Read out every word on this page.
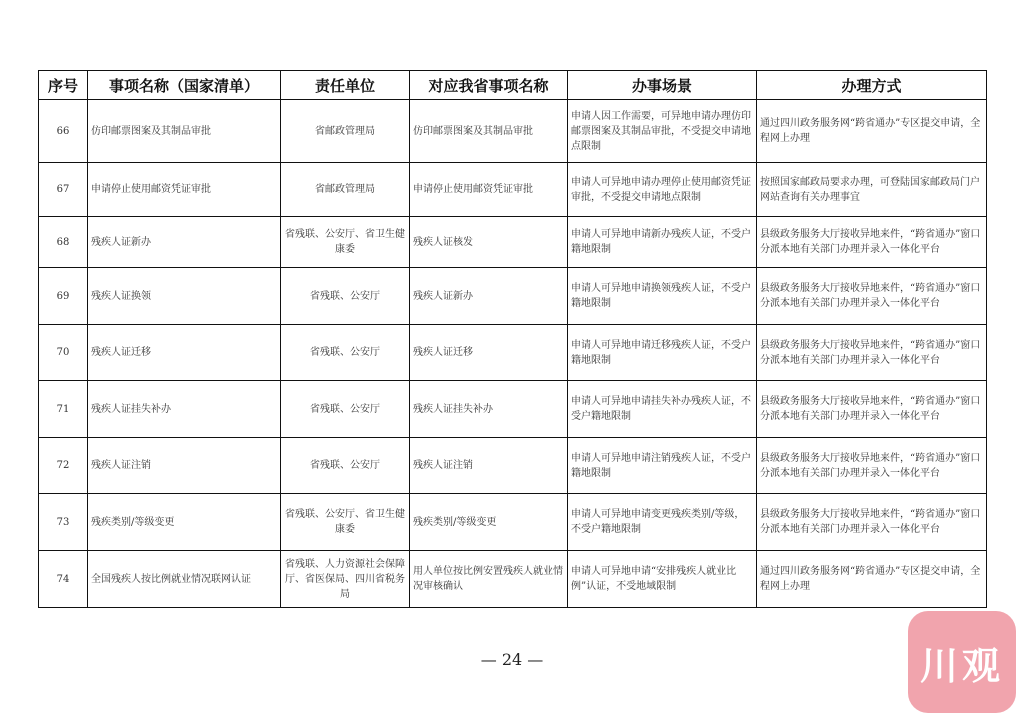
序号	事项名称（国家清单）	责任单位	对应我省事项名称	办事场景	办理方式
66	仿印邮票图案及其制品审批	省邮政管理局	仿印邮票图案及其制品审批	申请人因工作需要，可异地申请办理仿印邮票图案及其制品审批，不受提交申请地点限制	通过四川政务服务网“跨省通办”专区提交申请，全程网上办理
67	申请停止使用邮资凭证审批	省邮政管理局	申请停止使用邮资凭证审批	申请人可异地申请办理停止使用邮资凭证审批，不受提交申请地点限制	按照国家邮政局要求办理，可登陆国家邮政局门户网站查询有关办理事宜
68	残疾人证新办	省残联、公安厅、省卫生健康委	残疾人证核发	申请人可异地申请新办残疾人证，不受户籍地限制	县级政务服务大厅接收异地来件，“跨省通办”窗口分派本地有关部门办理并录入一体化平台
69	残疾人证换领	省残联、公安厅	残疾人证新办	申请人可异地申请换领残疾人证，不受户籍地限制	县级政务服务大厅接收异地来件，“跨省通办”窗口分派本地有关部门办理并录入一体化平台
70	残疾人证迁移	省残联、公安厅	残疾人证迁移	申请人可异地申请迁移残疾人证，不受户籍地限制	县级政务服务大厅接收异地来件，“跨省通办”窗口分派本地有关部门办理并录入一体化平台
71	残疾人证挂失补办	省残联、公安厅	残疾人证挂失补办	申请人可异地申请挂失补办残疾人证，不受户籍地限制	县级政务服务大厅接收异地来件，“跨省通办”窗口分派本地有关部门办理并录入一体化平台
72	残疾人证注销	省残联、公安厅	残疾人证注销	申请人可异地申请注销残疾人证，不受户籍地限制	县级政务服务大厅接收异地来件，“跨省通办”窗口分派本地有关部门办理并录入一体化平台
73	残疾类别/等级变更	省残联、公安厅、省卫生健康委	残疾类别/等级变更	申请人可异地申请变更残疾类别/等级，不受户籍地限制	县级政务服务大厅接收异地来件，“跨省通办”窗口分派本地有关部门办理并录入一体化平台
74	全国残疾人按比例就业情况联网认证	省残联、人力资源社会保障厅、省医保局、四川省税务局	用人单位按比例安置残疾人就业情况审核确认	申请人可异地申请“安排残疾人就业比例”认证，不受地域限制	通过四川政务服务网“跨省通办”专区提交申请，全程网上办理
— 24 —	川观
